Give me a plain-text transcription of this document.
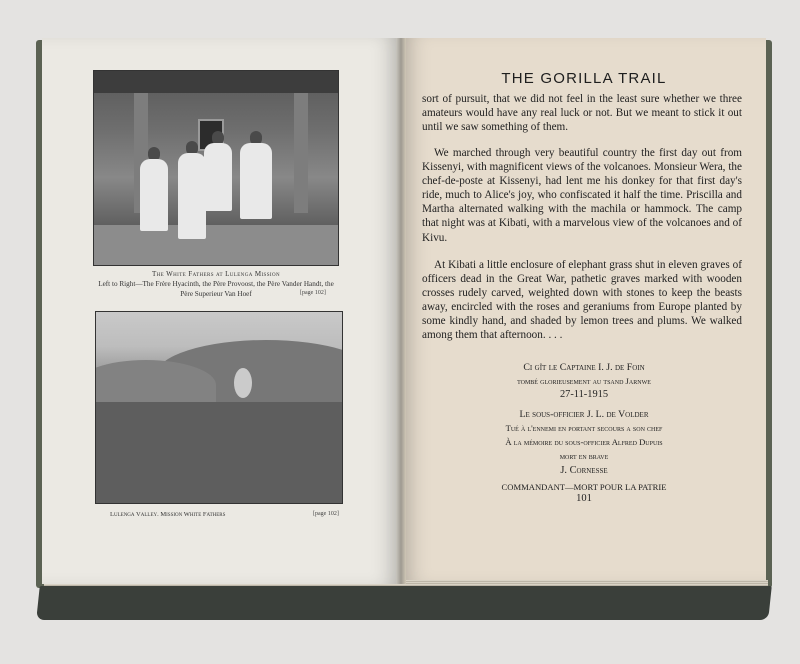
The White Fathers at Lulenga Mission
Left to Right—The Frère Hyacinth, the Père Provoost, the Père Vander Handt, the Père Superieur Van Hoef	[page 102]
Lulenga Valley. Mission White Fathers	[page 102]
THE GORILLA TRAIL

sort of pursuit, that we did not feel in the least sure whether we three amateurs would have any real luck or not. But we meant to stick it out until we saw something of them.

We marched through very beautiful country the first day out from Kissenyi, with magnificent views of the volcanoes. Monsieur Wera, the chef-de-poste at Kissenyi, had lent me his donkey for that first day's ride, much to Alice's joy, who confiscated it half the time. Priscilla and Martha alternated walking with the machila or hammock. The camp that night was at Kibati, with a marvelous view of the volcanoes and of Kivu.

At Kibati a little enclosure of elephant grass shut in eleven graves of officers dead in the Great War, pathetic graves marked with wooden crosses rudely carved, weighted down with stones to keep the beasts away, encircled with the roses and geraniums from Europe planted by some kindly hand, and shaded by lemon trees and plums. We walked among them that afternoon. . . .

Ci gît le Captaine I. J. de Foin
tombé glorieusement au tsand Jarnwe
27-11-1915
Le sous-officier J. L. de Volder
Tué à l'ennemi en portant secours a son chef
À la mémoire du sous-officier Alfred Dupuis
mort en brave
J. Cornesse
COMMANDANT—MORT POUR LA PATRIE
101
